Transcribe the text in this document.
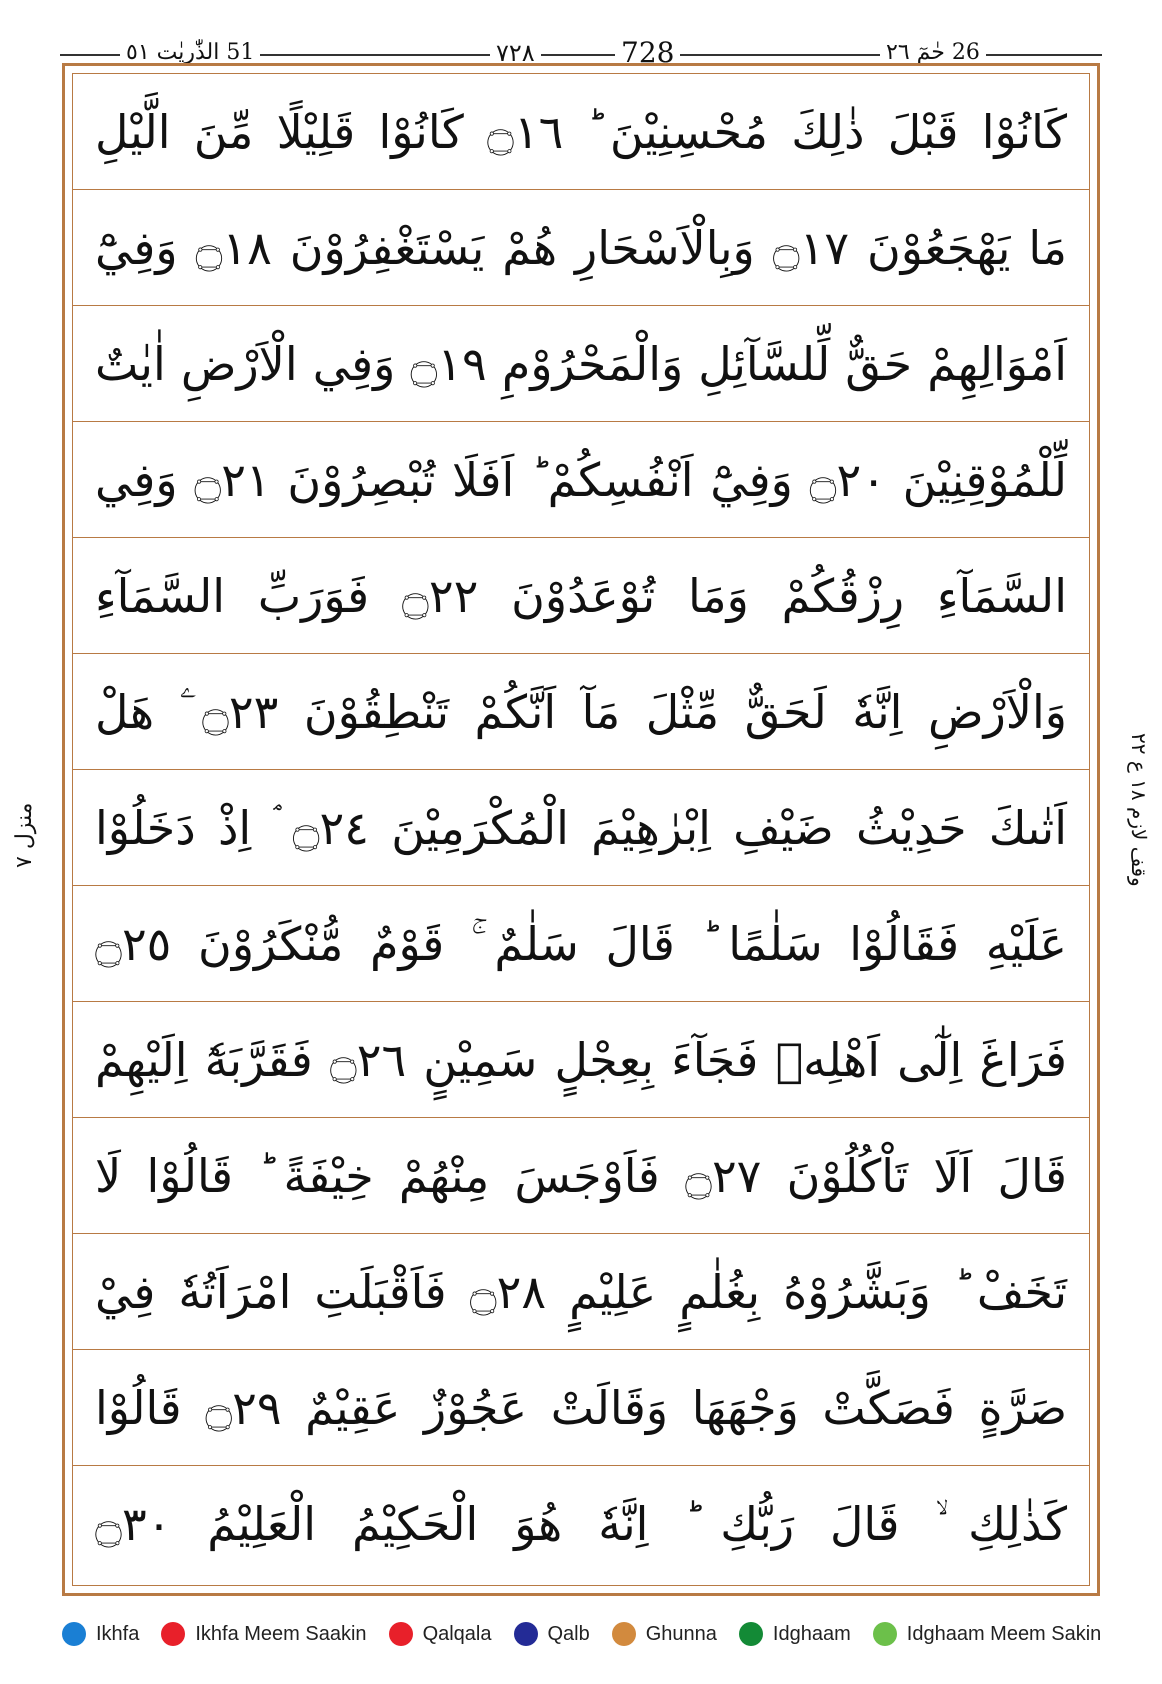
51 الذّٰريٰت ٥١	٧٢٨	728	26 حٰمٓ ٢٦
كَانُوْا قَبْلَ ذٰلِكَ مُحْسِنِيْنَ ؕ ۝١٦ كَانُوْا قَلِيْلًا مِّنَ الَّيْلِ
مَا يَهْجَعُوْنَ ۝١٧ وَبِالْاَسْحَارِ هُمْ يَسْتَغْفِرُوْنَ ۝١٨ وَفِيْٓ
اَمْوَالِهِمْ حَقٌّ لِّلسَّآئِلِ وَالْمَحْرُوْمِ ۝١٩ وَفِي الْاَرْضِ اٰيٰتٌ
لِّلْمُوْقِنِيْنَ ۝٢٠ وَفِيْٓ اَنْفُسِكُمْ ؕ اَفَلَا تُبْصِرُوْنَ ۝٢١ وَفِي
السَّمَآءِ رِزْقُكُمْ وَمَا تُوْعَدُوْنَ ۝٢٢ فَوَرَبِّ السَّمَآءِ
وَالْاَرْضِ اِنَّهٗ لَحَقٌّ مِّثْلَ مَآ اَنَّكُمْ تَنْطِقُوْنَ ۝٢٣ ۧ هَلْ
اَتٰىكَ حَدِيْثُ ضَيْفِ اِبْرٰهِيْمَ الْمُكْرَمِيْنَ ۝٢٤ ۘ اِذْ دَخَلُوْا
عَلَيْهِ فَقَالُوْا سَلٰمًا ؕ قَالَ سَلٰمٌ ۚ قَوْمٌ مُّنْكَرُوْنَ ۝٢٥
فَرَاغَ اِلٰٓى اَهْلِهٖ فَجَآءَ بِعِجْلٍ سَمِيْنٍ ۝٢٦ فَقَرَّبَهٗٓ اِلَيْهِمْ
قَالَ اَلَا تَاْكُلُوْنَ ۝٢٧ فَاَوْجَسَ مِنْهُمْ خِيْفَةً ؕ قَالُوْا لَا
تَخَفْ ؕ وَبَشَّرُوْهُ بِغُلٰمٍ عَلِيْمٍ ۝٢٨ فَاَقْبَلَتِ امْرَاَتُهٗ فِيْ
صَرَّةٍ فَصَكَّتْ وَجْهَهَا وَقَالَتْ عَجُوْزٌ عَقِيْمٌ ۝٢٩ قَالُوْا
كَذٰلِكِ ۙ قَالَ رَبُّكِ ؕ اِنَّهٗ هُوَ الْحَكِيْمُ الْعَلِيْمُ ۝٣٠
منزل ٧
وقف لازم ١٨ ع ٢٢
Ikhfa	Ikhfa Meem Saakin	Qalqala	Qalb	Ghunna	Idghaam	Idghaam Meem Sakin
